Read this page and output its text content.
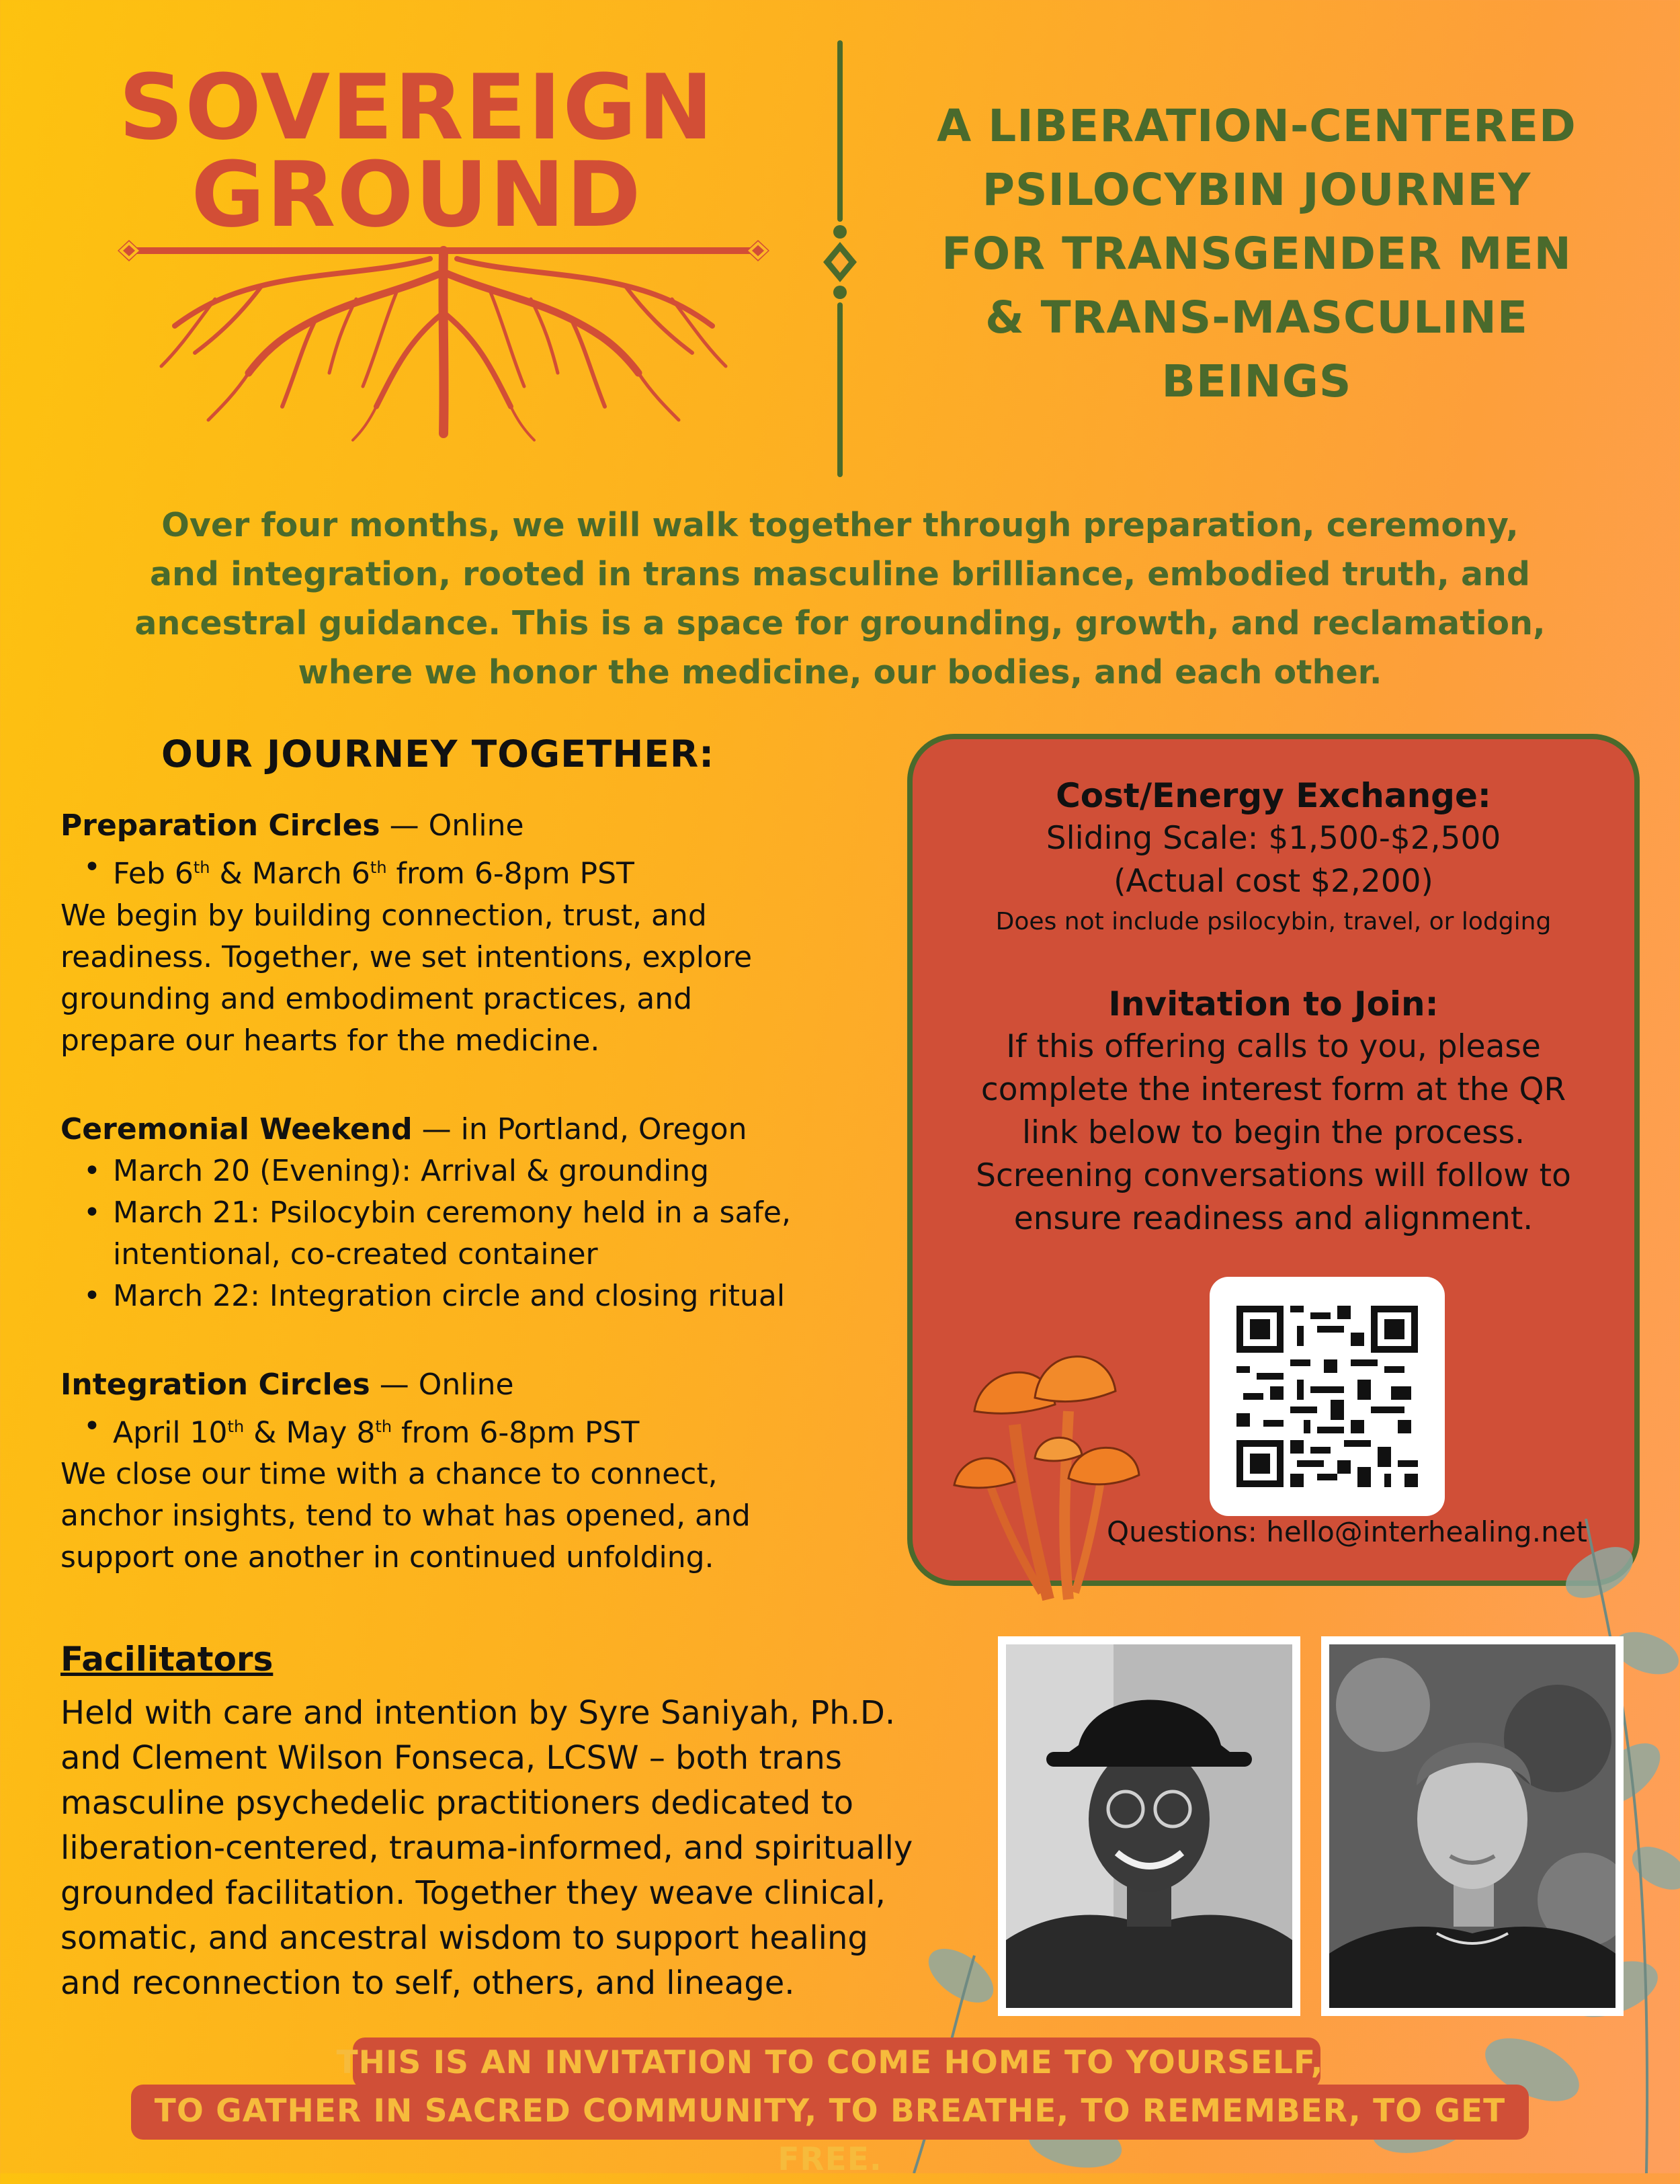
SOVEREIGN
GROUND
A LIBERATION-CENTERED
PSILOCYBIN JOURNEY
FOR TRANSGENDER MEN
& TRANS-MASCULINE
BEINGS
Over four months, we will walk together through preparation, ceremony,
and integration, rooted in trans masculine brilliance, embodied truth, and
ancestral guidance. This is a space for grounding, growth, and reclamation,
where we honor the medicine, our bodies, and each other.
OUR JOURNEY TOGETHER:
Preparation Circles — Online
• Feb 6th & March 6th from 6-8pm PST

We begin by building connection, trust, and
readiness. Together, we set intentions, explore
grounding and embodiment practices, and
prepare our hearts for the medicine.

Ceremonial Weekend — in Portland, Oregon
• March 20 (Evening): Arrival & grounding
• March 21: Psilocybin ceremony held in a safe, intentional, co-created container
• March 22: Integration circle and closing ritual
Integration Circles — Online
• April 10th & May 8th from 6-8pm PST

We close our time with a chance to connect,
anchor insights, tend to what has opened, and
support one another in continued unfolding.

Cost/Energy Exchange:
Sliding Scale: $1,500-$2,500
(Actual cost $2,200)
Does not include psilocybin, travel, or lodging
Invitation to Join:
If this offering calls to you, please
complete the interest form at the QR
link below to begin the process.
Screening conversations will follow to
ensure readiness and alignment.
Questions: hello@interhealing.net
Facilitators
Held with care and intention by Syre Saniyah, Ph.D.
and Clement Wilson Fonseca, LCSW – both trans
masculine psychedelic practitioners dedicated to
liberation-centered, trauma-informed, and spiritually
grounded facilitation. Together they weave clinical,
somatic, and ancestral wisdom to support healing
and reconnection to self, others, and lineage.
THIS IS AN INVITATION TO COME HOME TO YOURSELF,
TO GATHER IN SACRED COMMUNITY, TO BREATHE, TO REMEMBER, TO GET FREE.
